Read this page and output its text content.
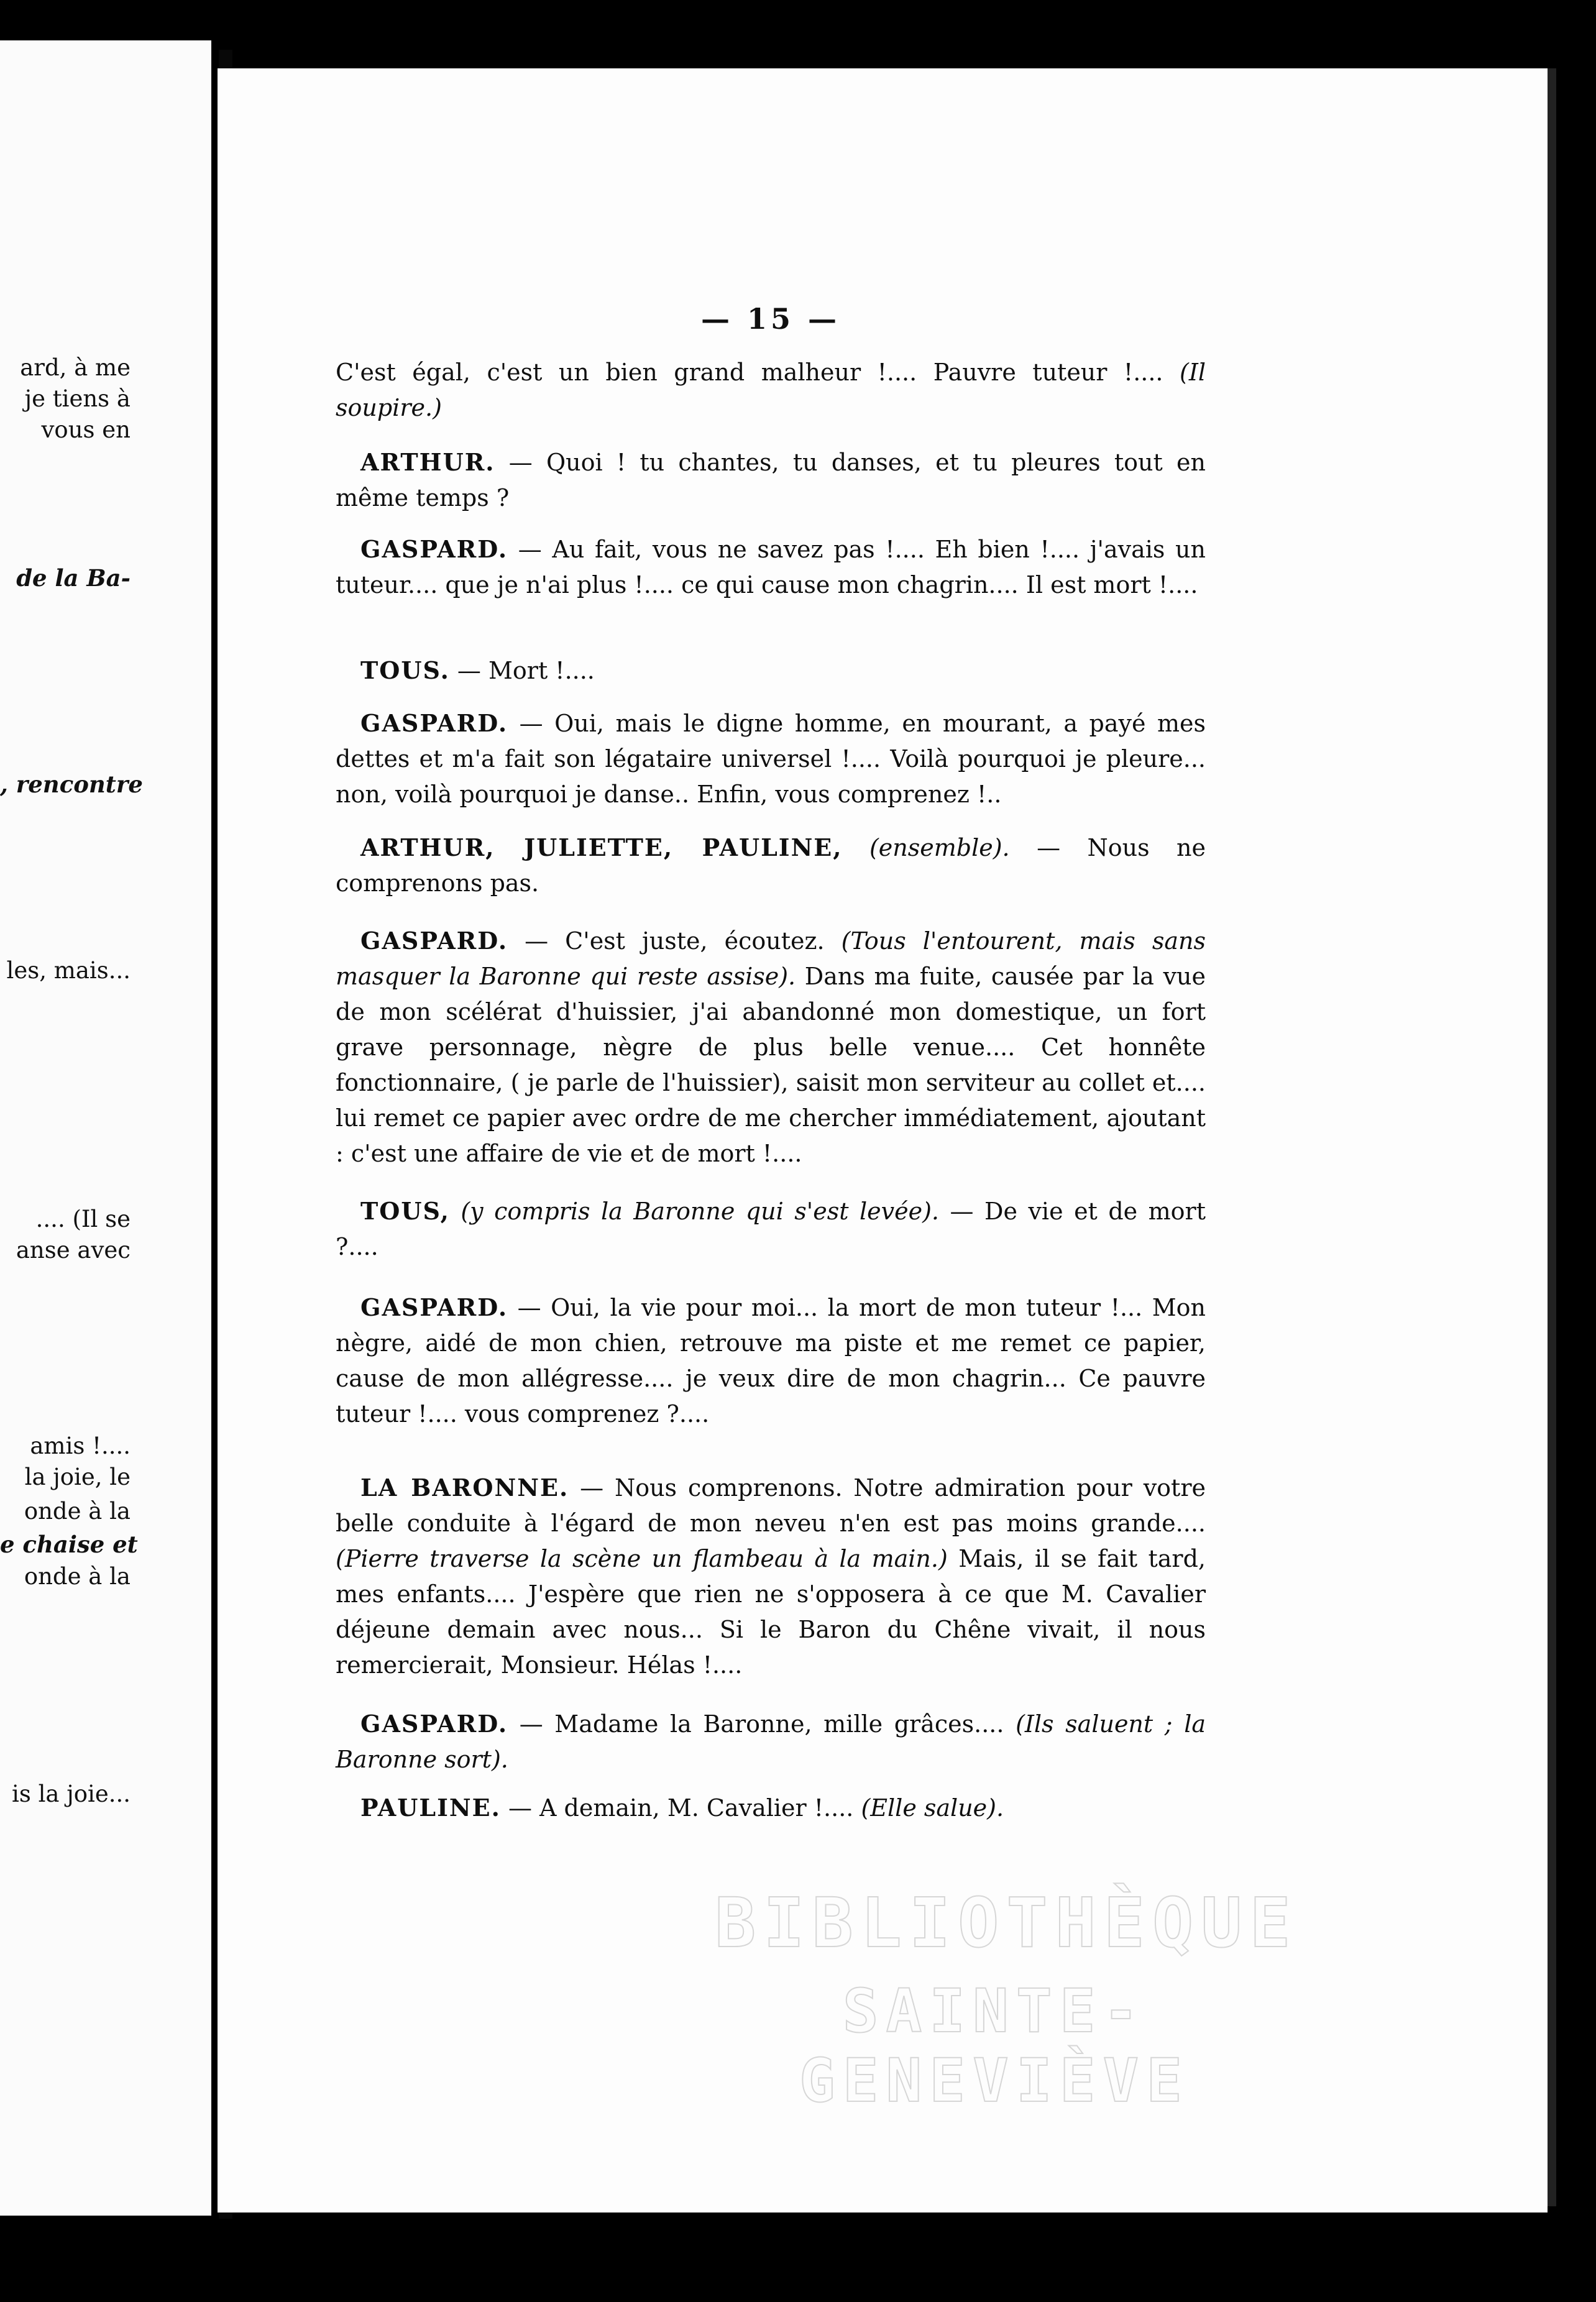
ard, à me
je tiens à
vous en
de la Ba-
, rencontre
les, mais...
.... (Il se
anse avec
amis !....
la joie, le
onde à la
e chaise et
onde à la
is la joie...
— 15 —

C'est égal, c'est un bien grand malheur !.... Pauvre tuteur !.... (Il soupire.)

ARTHUR. — Quoi ! tu chantes, tu danses, et tu pleures tout en même temps ?

GASPARD. — Au fait, vous ne savez pas !.... Eh bien !.... j'avais un tuteur.... que je n'ai plus !.... ce qui cause mon chagrin.... Il est mort !....

TOUS. — Mort !....

GASPARD. — Oui, mais le digne homme, en mourant, a payé mes dettes et m'a fait son légataire universel !.... Voilà pourquoi je pleure... non, voilà pourquoi je danse.. Enfin, vous comprenez !..

ARTHUR, JULIETTE, PAULINE, (ensemble). — Nous ne comprenons pas.

GASPARD. — C'est juste, écoutez. (Tous l'entourent, mais sans masquer la Baronne qui reste assise). Dans ma fuite, causée par la vue de mon scélérat d'huissier, j'ai abandonné mon domestique, un fort grave personnage, nègre de plus belle venue.... Cet honnête fonctionnaire, ( je parle de l'huissier), saisit mon serviteur au collet et.... lui remet ce papier avec ordre de me chercher immédiatement, ajoutant : c'est une affaire de vie et de mort !....

TOUS, (y compris la Baronne qui s'est levée). — De vie et de mort ?....

GASPARD. — Oui, la vie pour moi... la mort de mon tuteur !... Mon nègre, aidé de mon chien, retrouve ma piste et me remet ce papier, cause de mon allégresse.... je veux dire de mon chagrin... Ce pauvre tuteur !.... vous comprenez ?....

LA BARONNE. — Nous comprenons. Notre admiration pour votre belle conduite à l'égard de mon neveu n'en est pas moins grande.... (Pierre traverse la scène un flambeau à la main.) Mais, il se fait tard, mes enfants.... J'espère que rien ne s'opposera à ce que M. Cavalier déjeune demain avec nous... Si le Baron du Chêne vivait, il nous remercierait, Monsieur. Hélas !....

GASPARD. — Madame la Baronne, mille grâces.... (Ils saluent ; la Baronne sort).

PAULINE. — A demain, M. Cavalier !.... (Elle salue).

BIBLIOTHÈQUE
SAINTE-GENEVIÈVE
